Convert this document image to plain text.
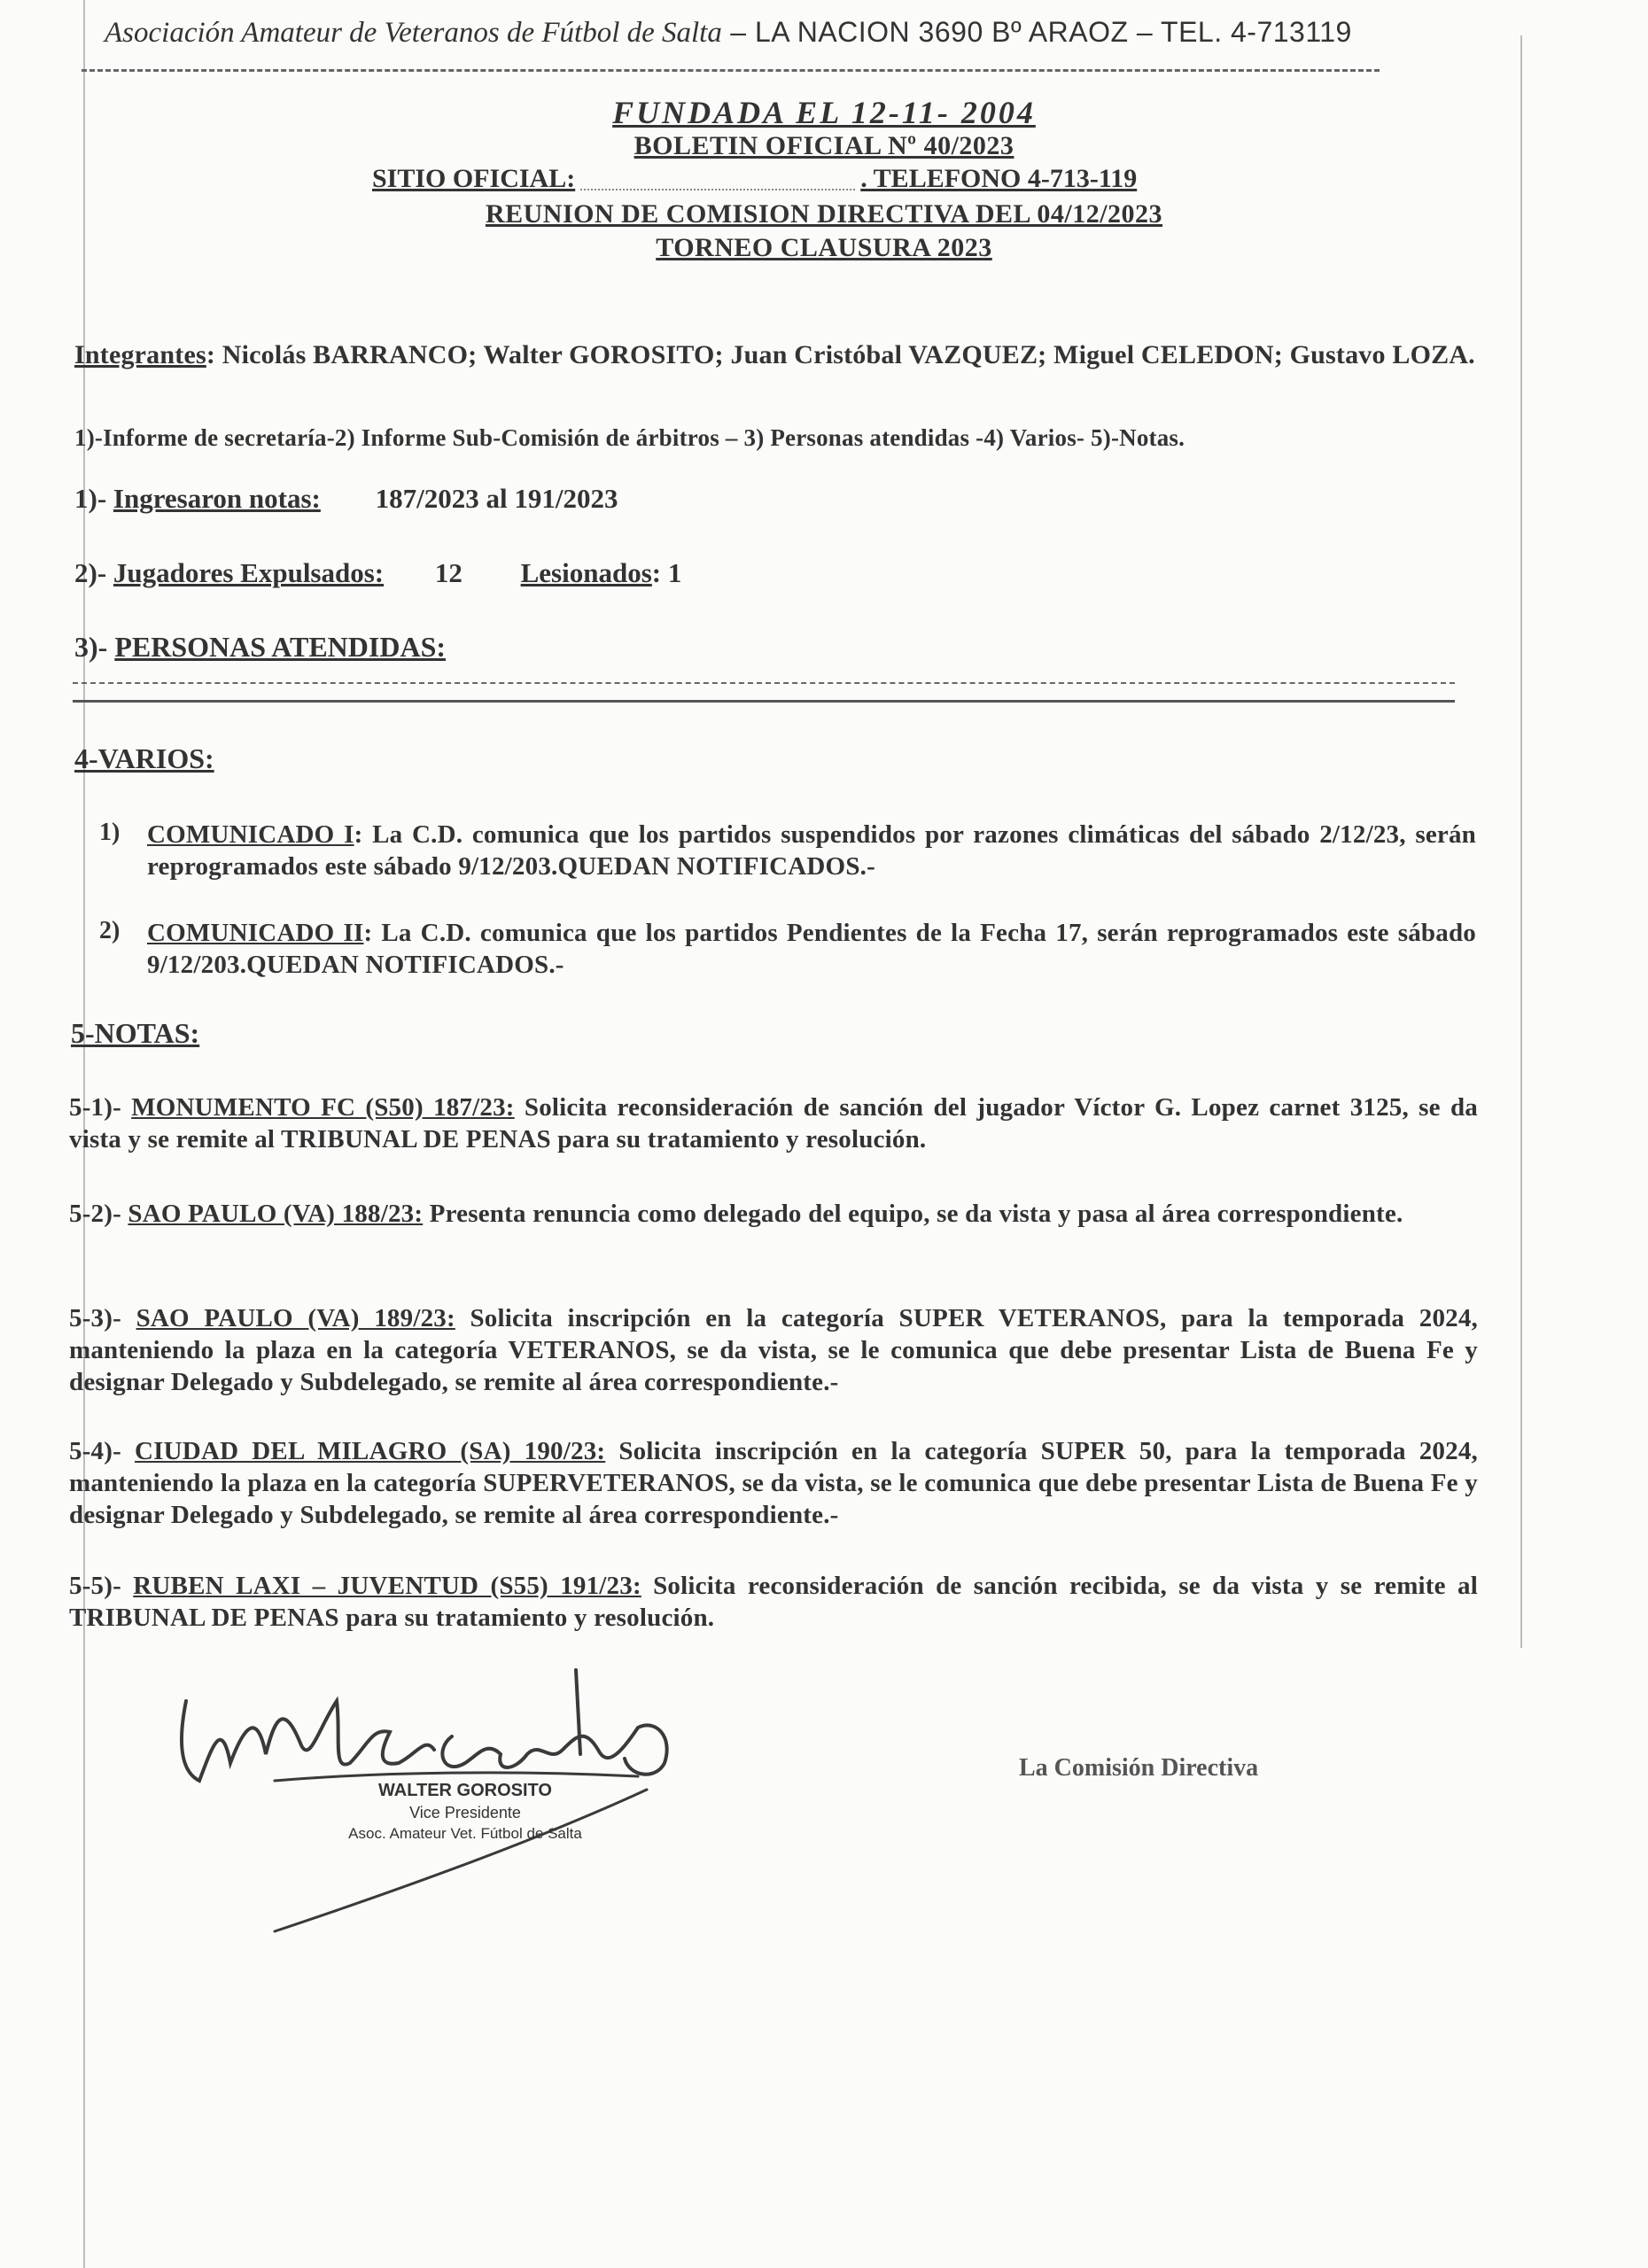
Asociación Amateur de Veteranos de Fútbol de Salta – LA NACION 3690 Bº ARAOZ – TEL. 4-713119
FUNDADA EL 12-11- 2004
BOLETIN OFICIAL Nº 40/2023
SITIO OFICIAL:	. TELEFONO 4-713-119
REUNION DE COMISION DIRECTIVA DEL 04/12/2023
TORNEO CLAUSURA 2023
Integrantes: Nicolás BARRANCO; Walter GOROSITO; Juan Cristóbal VAZQUEZ; Miguel CELEDON; Gustavo LOZA.
1)-Informe de secretaría-2) Informe Sub-Comisión de árbitros – 3) Personas atendidas -4) Varios- 5)-Notas.
1)- Ingresaron notas: 187/2023 al 191/2023
2)- Jugadores Expulsados: 12 Lesionados: 1
3)- PERSONAS ATENDIDAS:
4-VARIOS:
1) COMUNICADO I: La C.D. comunica que los partidos suspendidos por razones climáticas del sábado 2/12/23, serán reprogramados este sábado 9/12/203.QUEDAN NOTIFICADOS.-
2) COMUNICADO II: La C.D. comunica que los partidos Pendientes de la Fecha 17, serán reprogramados este sábado 9/12/203.QUEDAN NOTIFICADOS.-
5-NOTAS:
5-1)- MONUMENTO FC (S50) 187/23: Solicita reconsideración de sanción del jugador Víctor G. Lopez carnet 3125, se da vista y se remite al TRIBUNAL DE PENAS para su tratamiento y resolución.
5-2)- SAO PAULO (VA) 188/23: Presenta renuncia como delegado del equipo, se da vista y pasa al área correspondiente.
5-3)- SAO PAULO (VA) 189/23: Solicita inscripción en la categoría SUPER VETERANOS, para la temporada 2024, manteniendo la plaza en la categoría VETERANOS, se da vista, se le comunica que debe presentar Lista de Buena Fe y designar Delegado y Subdelegado, se remite al área correspondiente.-
5-4)- CIUDAD DEL MILAGRO (SA) 190/23: Solicita inscripción en la categoría SUPER 50, para la temporada 2024, manteniendo la plaza en la categoría SUPERVETERANOS, se da vista, se le comunica que debe presentar Lista de Buena Fe y designar Delegado y Subdelegado, se remite al área correspondiente.-
5-5)- RUBEN LAXI – JUVENTUD (S55) 191/23: Solicita reconsideración de sanción recibida, se da vista y se remite al TRIBUNAL DE PENAS para su tratamiento y resolución.
WALTER GOROSITO
Vice Presidente
Asoc. Amateur Vet. Fútbol de Salta
La Comisión Directiva
